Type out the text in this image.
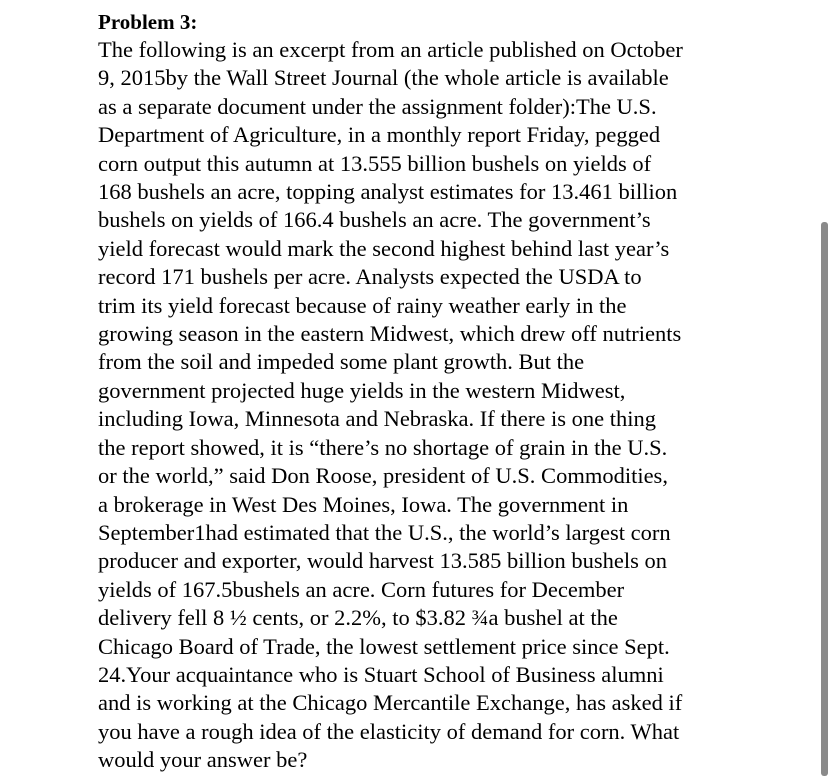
Problem 3:
The following is an excerpt from an article published on October
9, 2015by the Wall Street Journal (the whole article is available
as a separate document under the assignment folder):The U.S.
Department of Agriculture, in a monthly report Friday, pegged
corn output this autumn at 13.555 billion bushels on yields of
168 bushels an acre, topping analyst estimates for 13.461 billion
bushels on yields of 166.4 bushels an acre. The government’s
yield forecast would mark the second highest behind last year’s
record 171 bushels per acre. Analysts expected the USDA to
trim its yield forecast because of rainy weather early in the
growing season in the eastern Midwest, which drew off nutrients
from the soil and impeded some plant growth. But the
government projected huge yields in the western Midwest,
including Iowa, Minnesota and Nebraska. If there is one thing
the report showed, it is “there’s no shortage of grain in the U.S.
or the world,” said Don Roose, president of U.S. Commodities,
a brokerage in West Des Moines, Iowa. The government in
September1had estimated that the U.S., the world’s largest corn
producer and exporter, would harvest 13.585 billion bushels on
yields of 167.5bushels an acre. Corn futures for December
delivery fell 8 ½ cents, or 2.2%, to $3.82 ¾a bushel at the
Chicago Board of Trade, the lowest settlement price since Sept.
24.Your acquaintance who is Stuart School of Business alumni
and is working at the Chicago Mercantile Exchange, has asked if
you have a rough idea of the elasticity of demand for corn. What
would your answer be?
